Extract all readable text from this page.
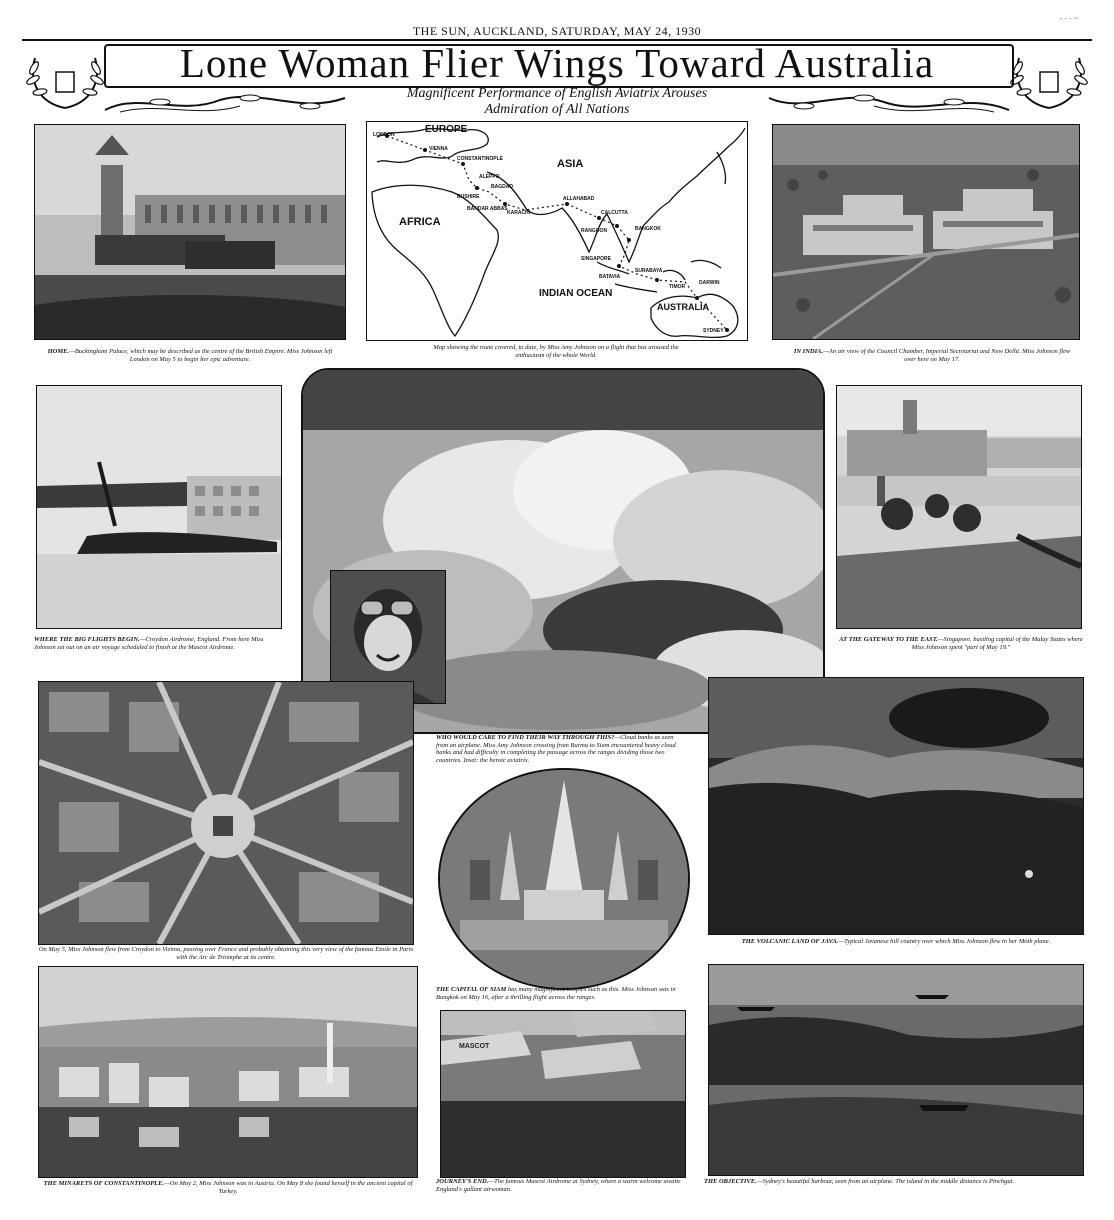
THE SUN, AUCKLAND, SATURDAY, MAY 24, 1930
- - - ~
Lone Woman Flier Wings Toward Australia
Magnificent Performance of English Aviatrix Arouses
Admiration of All Nations
HOME.—Buckingham Palace, which may be described as the centre of the British Empire. Miss Johnson left London on May 5 to begin her epic adventure.
EUROPE
ASIA
AFRICA
INDIAN OCEAN
AUSTRALIA
LONDON
VIENNA
CONSTANTINOPLE
ALEPPO
BAGDAD
BUSHIRE
BANDAR ABBAS
KARACHI
ALLAHABAD
CALCUTTA
RANGOON	BANGKOK
SINGAPORE
SURABAYA
BATAVIA
TIMOR
DARWIN
SYDNEY
Map showing the route covered, to date, by Miss Amy Johnson on a flight that has aroused the enthusiasm of the whole World.	IN INDIA.—An air view of the Council Chamber, Imperial Secretariat and New Delhi. Miss Johnson flew over here on May 17.
WHERE THE BIG FLIGHTS BEGIN.—Croydon Airdrome, England. From here Miss Johnson set out on an air voyage scheduled to finish at the Mascot Airdrome.
WHO WOULD CARE TO FIND THEIR WAY THROUGH THIS?—Cloud banks as seen from an airplane. Miss Amy Johnson crossing from Burma to Siam encountered heavy cloud banks and had difficulty in completing the passage across the ranges dividing those two countries. Inset: the heroic aviatrix.
AT THE GATEWAY TO THE EAST.—Singapore, bustling capital of the Malay States where Miss Johnson spent "part of May 19."
On May 5, Miss Johnson flew from Croydon to Vienna, passing over France and probably obtaining this very view of the famous Etoile in Paris with the Arc de Triomphe at its centre.
THE CAPITAL OF SIAM has many magnificent temples such as this. Miss Johnson was in Bangkok on May 16, after a thrilling flight across the ranges.
THE VOLCANIC LAND OF JAVA.—Typical Javanese hill country over which Miss Johnson flew in her Moth plane.
THE MINARETS OF CONSTANTINOPLE.—On May 2, Miss Johnson was in Austria. On May 8 she found herself in the ancient capital of Turkey.
MASCOT
JOURNEY'S END.—The famous Mascot Airdrome at Sydney, where a warm welcome awaits England's gallant airwoman.
THE OBJECTIVE.—Sydney's beautiful harbour, seen from an airplane. The island in the middle distance is Pinchgut.
